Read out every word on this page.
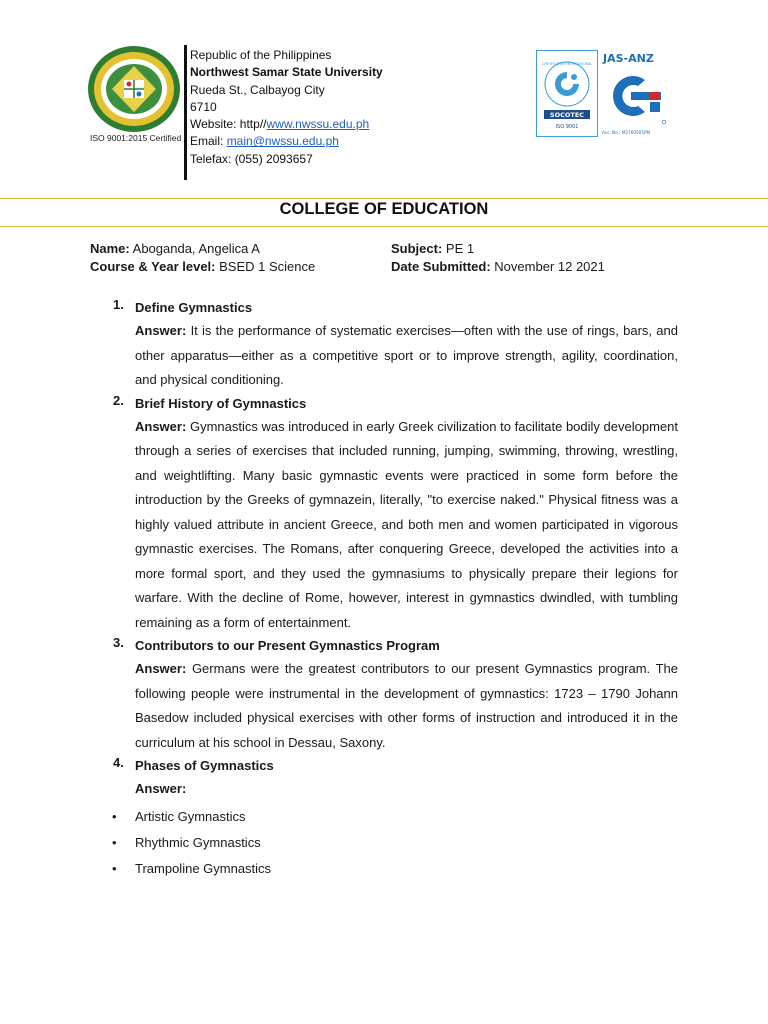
ISO 9001:2015 Certified
Republic of the Philippines
Northwest Samar State University
Rueda St., Calbayog City
6710
Website: http//www.nwssu.edu.ph
Email: main@nwssu.edu.ph
Telefax: (055) 2093657
CERTIFICATION INTERNATIONAL
SOCOTEC
ISO 9001
JAS-ANZ
Acc. No.: M2760505PM
COLLEGE OF EDUCATION
Name: Aboganda, Angelica A
Course & Year level: BSED 1 Science
Subject: PE 1
Date Submitted: November 12 2021
1. Define Gymnastics
Answer: It is the performance of systematic exercises—often with the use of rings, bars, and other apparatus—either as a competitive sport or to improve strength, agility, coordination, and physical conditioning.
2. Brief History of Gymnastics
Answer: Gymnastics was introduced in early Greek civilization to facilitate bodily development through a series of exercises that included running, jumping, swimming, throwing, wrestling, and weightlifting. Many basic gymnastic events were practiced in some form before the introduction by the Greeks of gymnazein, literally, "to exercise naked." Physical fitness was a highly valued attribute in ancient Greece, and both men and women participated in vigorous gymnastic exercises. The Romans, after conquering Greece, developed the activities into a more formal sport, and they used the gymnasiums to physically prepare their legions for warfare. With the decline of Rome, however, interest in gymnastics dwindled, with tumbling remaining as a form of entertainment.
3. Contributors to our Present Gymnastics Program
Answer: Germans were the greatest contributors to our present Gymnastics program. The following people were instrumental in the development of gymnastics: 1723 – 1790 Johann Basedow included physical exercises with other forms of instruction and introduced it in the curriculum at his school in Dessau, Saxony.
4. Phases of Gymnastics
Answer:
• Artistic Gymnastics
• Rhythmic Gymnastics
• Trampoline Gymnastics
